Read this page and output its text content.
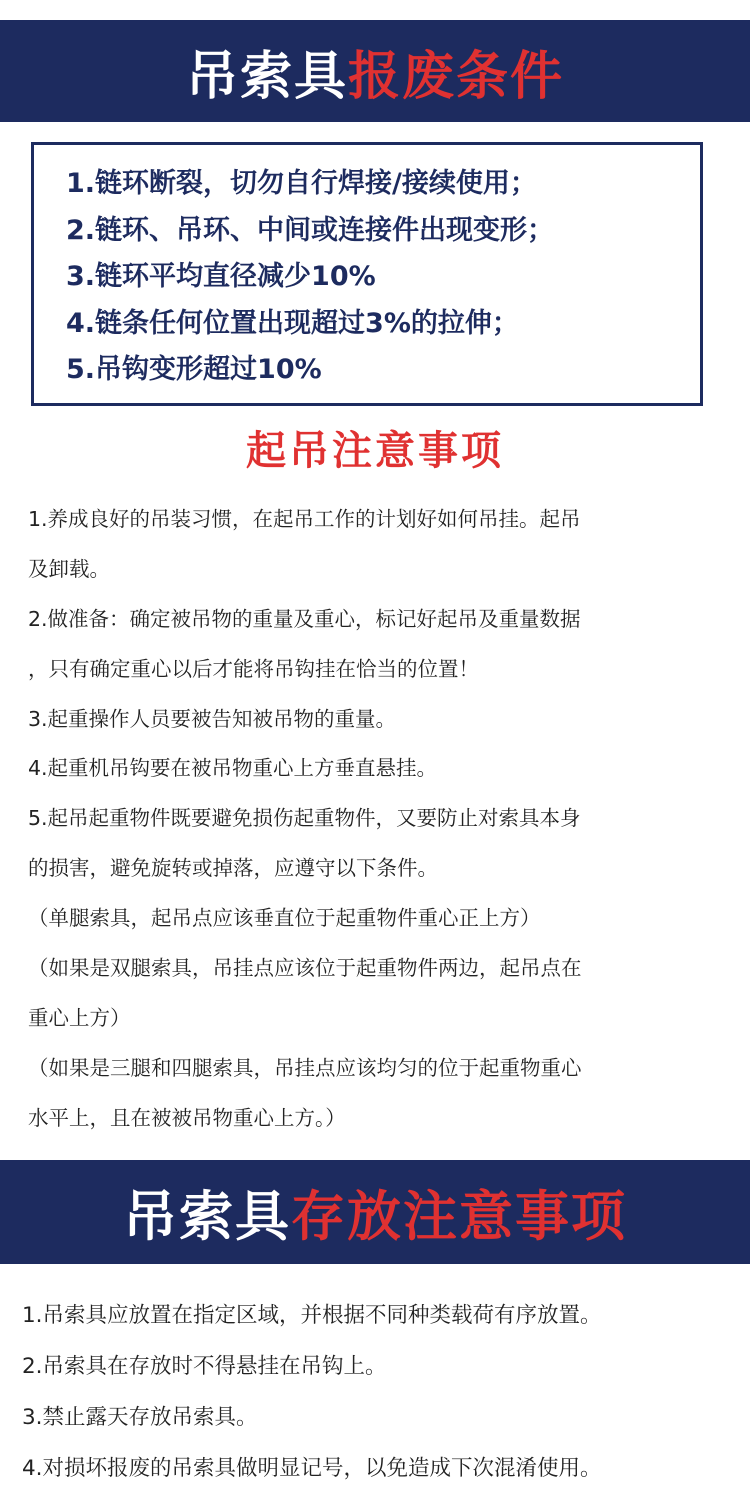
吊索具 报废条件
1.链环断裂，切勿自行焊接/接续使用；
2.链环、吊环、中间或连接件出现变形；
3.链环平均直径减少10%
4.链条任何位置出现超过3%的拉伸；
5.吊钩变形超过10%
起吊注意事项
1.养成良好的吊装习惯，在起吊工作的计划好如何吊挂。起吊
及卸载。
2.做准备：确定被吊物的重量及重心，标记好起吊及重量数据
，只有确定重心以后才能将吊钩挂在恰当的位置！
3.起重操作人员要被告知被吊物的重量。
4.起重机吊钩要在被吊物重心上方垂直悬挂。
5.起吊起重物件既要避免损伤起重物件，又要防止对索具本身
的损害，避免旋转或掉落，应遵守以下条件。
（单腿索具，起吊点应该垂直位于起重物件重心正上方）
（如果是双腿索具，吊挂点应该位于起重物件两边，起吊点在
重心上方）
（如果是三腿和四腿索具，吊挂点应该均匀的位于起重物重心
水平上，且在被被吊物重心上方。）
吊索具 存放注意事项
1.吊索具应放置在指定区域，并根据不同种类载荷有序放置。
2.吊索具在存放时不得悬挂在吊钩上。
3.禁止露天存放吊索具。
4.对损坏报废的吊索具做明显记号，以免造成下次混淆使用。
